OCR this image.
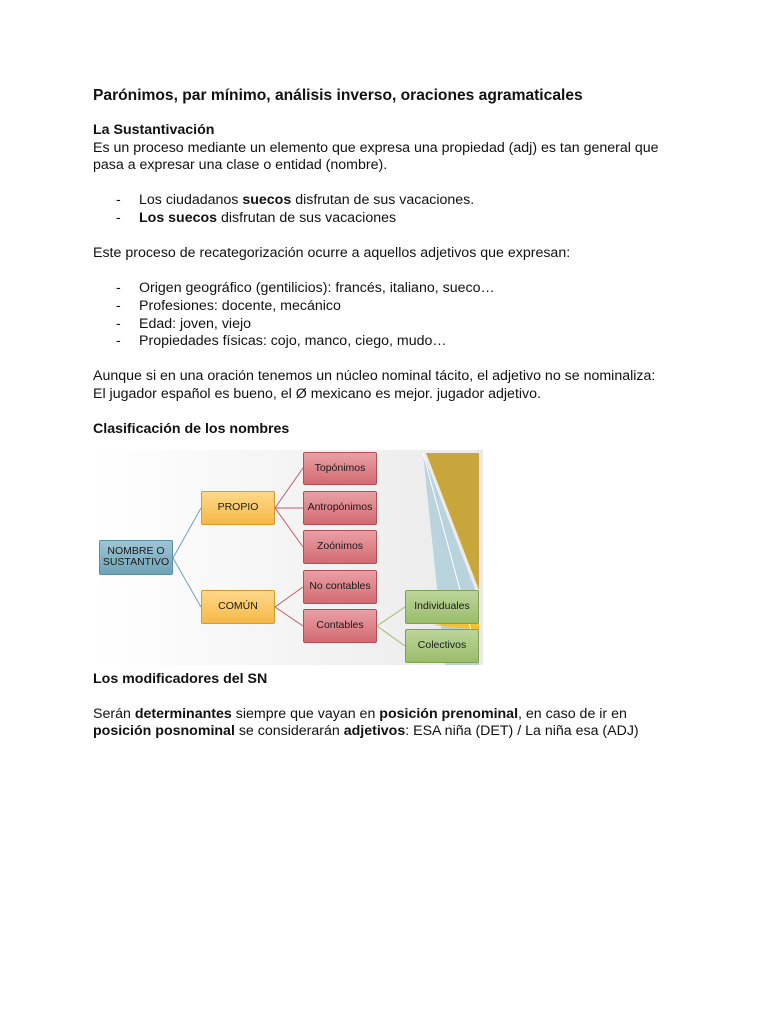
Parónimos, par mínimo, análisis inverso, oraciones agramaticales

La Sustantivación

Es un proceso mediante un elemento que expresa una propiedad (adj) es tan general que pasa a expresar una clase o entidad (nombre).

- Los ciudadanos suecos disfrutan de sus vacaciones.
- Los suecos disfrutan de sus vacaciones

Este proceso de recategorización ocurre a aquellos adjetivos que expresan:

- Origen geográfico (gentilicios): francés, italiano, sueco…
- Profesiones: docente, mecánico
- Edad: joven, viejo
- Propiedades físicas: cojo, manco, ciego, mudo…

Aunque si en una oración tenemos un núcleo nominal tácito, el adjetivo no se nominaliza:

El jugador español es bueno, el Ø mexicano es mejor. jugador adjetivo.

Clasificación de los nombres

NOMBRE O SUSTANTIVO
PROPIO
COMÚN
Topónimos
Antropónimos
Zoónimos
No contables
Contables
Individuales
Colectivos

Los modificadores del SN

Serán determinantes siempre que vayan en posición prenominal, en caso de ir en
posición posnominal se considerarán adjetivos: ESA niña (DET) / La niña esa (ADJ)
